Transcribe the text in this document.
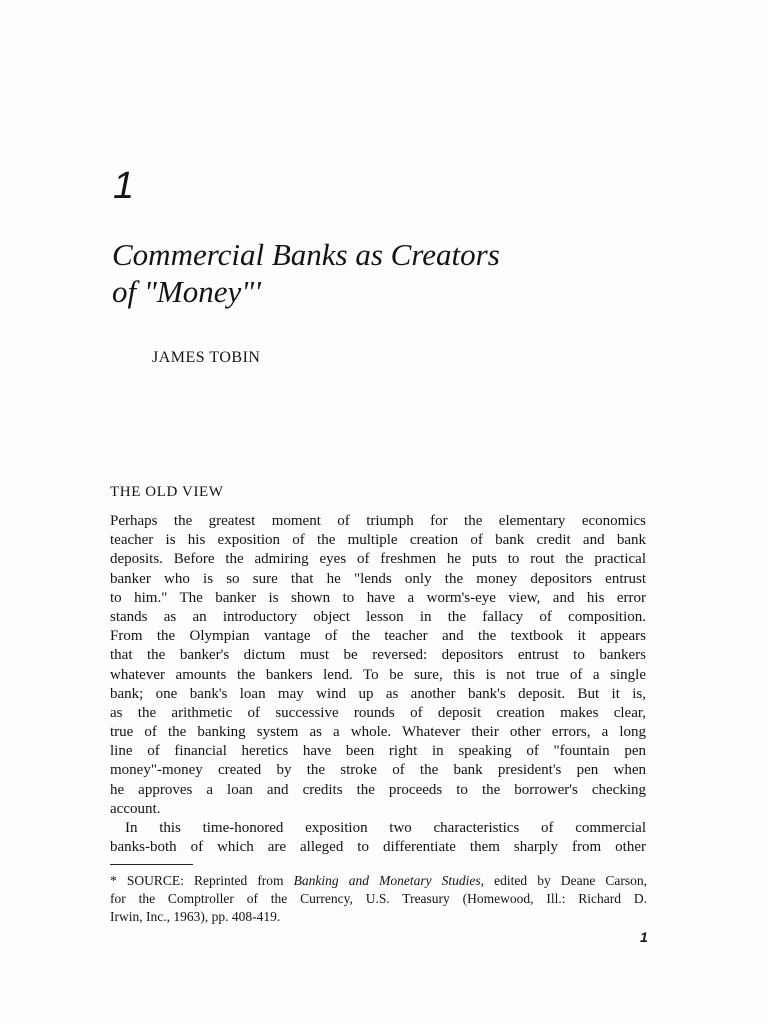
1
Commercial Banks as Creators
of "Money"'
JAMES TOBIN
THE OLD VIEW
Perhaps the greatest moment of triumph for the elementary economics
teacher is his exposition of the multiple creation of bank credit and bank
deposits. Before the admiring eyes of freshmen he puts to rout the practical
banker who is so sure that he "lends only the money depositors entrust
to him." The banker is shown to have a worm's-eye view, and his error
stands as an introductory object lesson in the fallacy of composition.
From the Olympian vantage of the teacher and the textbook it appears
that the banker's dictum must be reversed: depositors entrust to bankers
whatever amounts the bankers lend. To be sure, this is not true of a single
bank; one bank's loan may wind up as another bank's deposit. But it is,
as the arithmetic of successive rounds of deposit creation makes clear,
true of the banking system as a whole. Whatever their other errors, a long
line of financial heretics have been right in speaking of "fountain pen
money"-money created by the stroke of the bank president's pen when
he approves a loan and credits the proceeds to the borrower's checking
account.
In this time-honored exposition two characteristics of commercial
banks-both of which are alleged to differentiate them sharply from other
* SOURCE: Reprinted from Banking and Monetary Studies, edited by Deane Carson,
for the Comptroller of the Currency, U.S. Treasury (Homewood, Ill.: Richard D.
Irwin, Inc., 1963), pp. 408-419.
1
